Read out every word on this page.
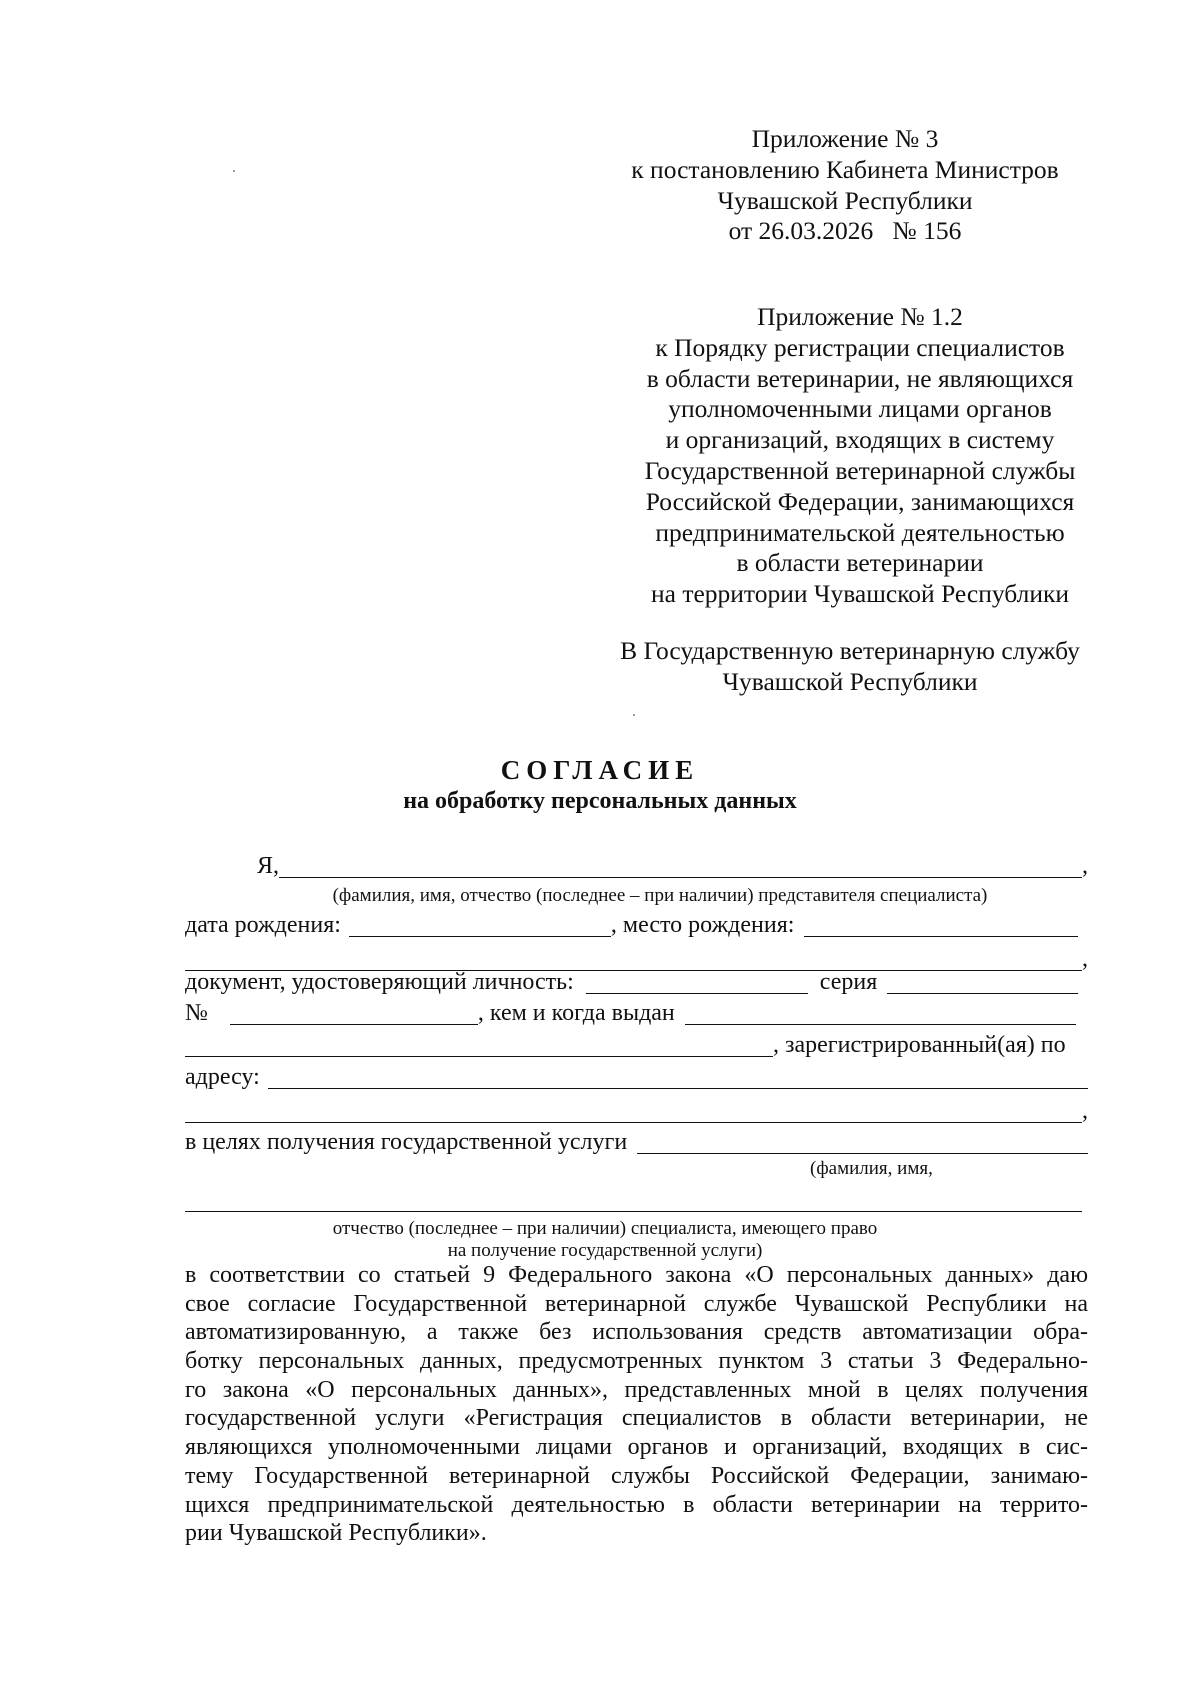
Приложение № 3
к постановлению Кабинета Министров
Чувашской Республики
от 26.03.2026   № 156
Приложение № 1.2
к Порядку регистрации специалистов
в области ветеринарии, не являющихся
уполномоченными лицами органов
и организаций, входящих в систему
Государственной ветеринарной службы
Российской Федерации, занимающихся
предпринимательской деятельностью
в области ветеринарии
на территории Чувашской Республики
В Государственную ветеринарную службу
Чувашской Республики
СОГЛАСИЕ
на обработку персональных данных
Я,	,
(фамилия, имя, отчество (последнее – при наличии) представителя специалиста)
дата рождения:	, место рождения:
,
документ, удостоверяющий личность:	серия
№	, кем и когда выдан
, зарегистрированный(ая) по
адресу:
,
в целях получения государственной услуги
(фамилия, имя,
отчество (последнее – при наличии) специалиста, имеющего право
на получение государственной услуги)
в соответствии со статьей 9 Федерального закона «О персональных данных» даю
свое согласие Государственной ветеринарной службе Чувашской Республики на
автоматизированную, а также без использования средств автоматизации обра-
ботку персональных данных, предусмотренных пунктом 3 статьи 3 Федерально-
го закона «О персональных данных», представленных мной в целях получения
государственной услуги «Регистрация специалистов в области ветеринарии, не
являющихся уполномоченными лицами органов и организаций, входящих в сис-
тему Государственной ветеринарной службы Российской Федерации, занимаю-
щихся предпринимательской деятельностью в области ветеринарии на террито-
рии Чувашской Республики».
